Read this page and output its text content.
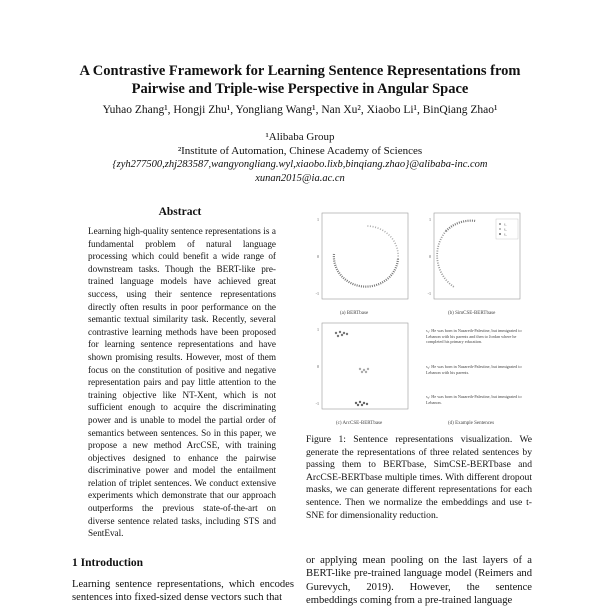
A Contrastive Framework for Learning Sentence Representations from
Pairwise and Triple-wise Perspective in Angular Space
Yuhao Zhang¹, Hongji Zhu¹, Yongliang Wang¹, Nan Xu², Xiaobo Li¹, BinQiang Zhao¹
¹Alibaba Group
²Institute of Automation, Chinese Academy of Sciences
{zyh277500,zhj283587,wangyongliang.wyl,xiaobo.lixb,binqiang.zhao}@alibaba-inc.com
xunan2015@ia.ac.cn
Abstract
Learning high-quality sentence representations is a fundamental problem of natural language processing which could benefit a wide range of downstream tasks. Though the BERT-like pre-trained language models have achieved great success, using their sentence representations directly often results in poor performance on the semantic textual similarity task. Recently, several contrastive learning methods have been proposed for learning sentence representations and have shown promising results. However, most of them focus on the constitution of positive and negative representation pairs and pay little attention to the training objective like NT-Xent, which is not sufficient enough to acquire the discriminating power and is unable to model the partial order of semantics between sentences. So in this paper, we propose a new method ArcCSE, with training objectives designed to enhance the pairwise discriminative power and model the entailment relation of triplet sentences. We conduct extensive experiments which demonstrate that our approach outperforms the previous state-of-the-art on diverse sentence related tasks, including STS and SentEval.
1 Introduction
Learning sentence representations, which encodes sentences into fixed-sized dense vectors such that
1
0
-1
(a) BERTbase
1
0
-1
s₁
s₂
s₃
(b) SimCSE-BERTbase
1
0
-1
(c) ArcCSE-BERTbase	(d) Example Sentences
s₁: He was born in Nazareth-Palestine, but immigrated to Lebanon with his parents and then to Jordan where he completed his primary education.
s₂: He was born in Nazareth-Palestine, but immigrated to Lebanon with his parents.
s₃: He was born in Nazareth-Palestine, but immigrated to Lebanon.
Figure 1: Sentence representations visualization. We generate the representations of three related sentences by passing them to BERTbase, SimCSE-BERTbase and ArcCSE-BERTbase multiple times. With different dropout masks, we can generate different representations for each sentence. Then we normalize the embeddings and use t-SNE for dimensionality reduction.
or applying mean pooling on the last layers of a BERT-like pre-trained language model (Reimers and Gurevych, 2019). However, the sentence embeddings coming from a pre-trained language
